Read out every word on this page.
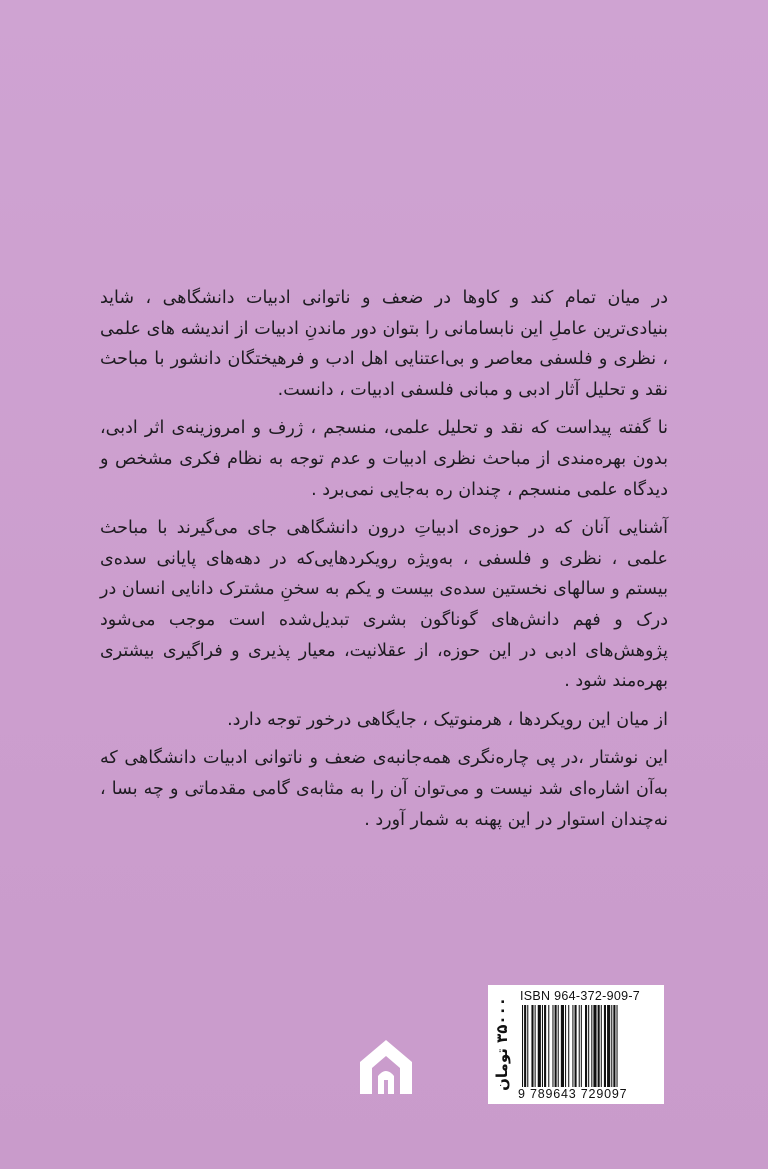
در میان تمام کند و کاوها در ضعف و ناتوانی ادبیات دانشگاهی ، شاید بنیادی‌ترین عاملِ این نابسامانی را بتوان دور ماندنِ ادبیات از اندیشه های علمی ، نظری و فلسفی معاصر و بی‌اعتنایی اهل ادب و فرهیختگان دانشور با مباحث نقد و تحلیل آثار ادبی و مبانی فلسفی ادبیات ، دانست.

نا گفته پیداست که نقد و تحلیل علمی، منسجم ، ژرف و امروزینه‌ی اثر ادبی، بدون بهره‌مندی از مباحث نظری ادبیات و عدم توجه به نظام فکری مشخص و دیدگاه علمی منسجم ، چندان ره به‌جایی نمی‌برد .

آشنایی آنان که در حوزه‌ی ادبیاتِ درون دانشگاهی جای می‌گیرند با مباحث علمی ، نظری و فلسفی ، به‌ویژه رویکردهایی‌که در دهه‌های پایانی سده‌ی بیستم و سالهای نخستین سده‌ی بیست و یکم به سخنِ مشترک دانایی انسان در درک و فهم دانش‌های گوناگون بشری تبدیل‌شده است موجب می‌شود پژوهش‌های ادبی در این حوزه، از عقلانیت، معیار پذیری و فراگیری بیشتری بهره‌مند شود .

از میان این رویکردها ، هرمنوتیک ، جایگاهی درخور توجه دارد.

این نوشتار ،در پی چاره‌نگری همه‌جانبه‌ی ضعف و ناتوانی ادبیات دانشگاهی که به‌آن اشاره‌ای شد نیست و می‌توان آن را به مثابه‌ی گامی مقدماتی و چه بسا ، نه‌چندان استوار در این پهنه به شمار آورد .

ISBN 964-372-909-7
۳۵۰۰۰ تومان
9 789643 729097
